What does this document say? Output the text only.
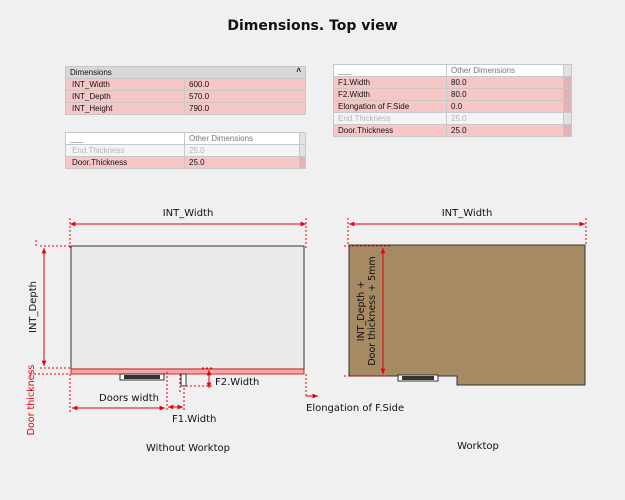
Dimensions. Top view
Dimensions ˄	

INT_Width	600.0
INT_Depth	570.0
INT_Height	790.0
___	Other Dimensions	
End.Thickness	25.0	
Door.Thickness	25.0	
___	Other Dimensions	
F1.Width	80.0	
F2.Width	80.0	
Elongation of F.Side	0.0	
End.Thickness	25.0	
Door.Thickness	25.0	
INT_Width
INT_Depth
Door thickness	F2.Width
Doors width
F1.Width
Elongation of F.Side
Without Worktop
INT_Width
INT_Depth + Door thickness + 5mm
Worktop
